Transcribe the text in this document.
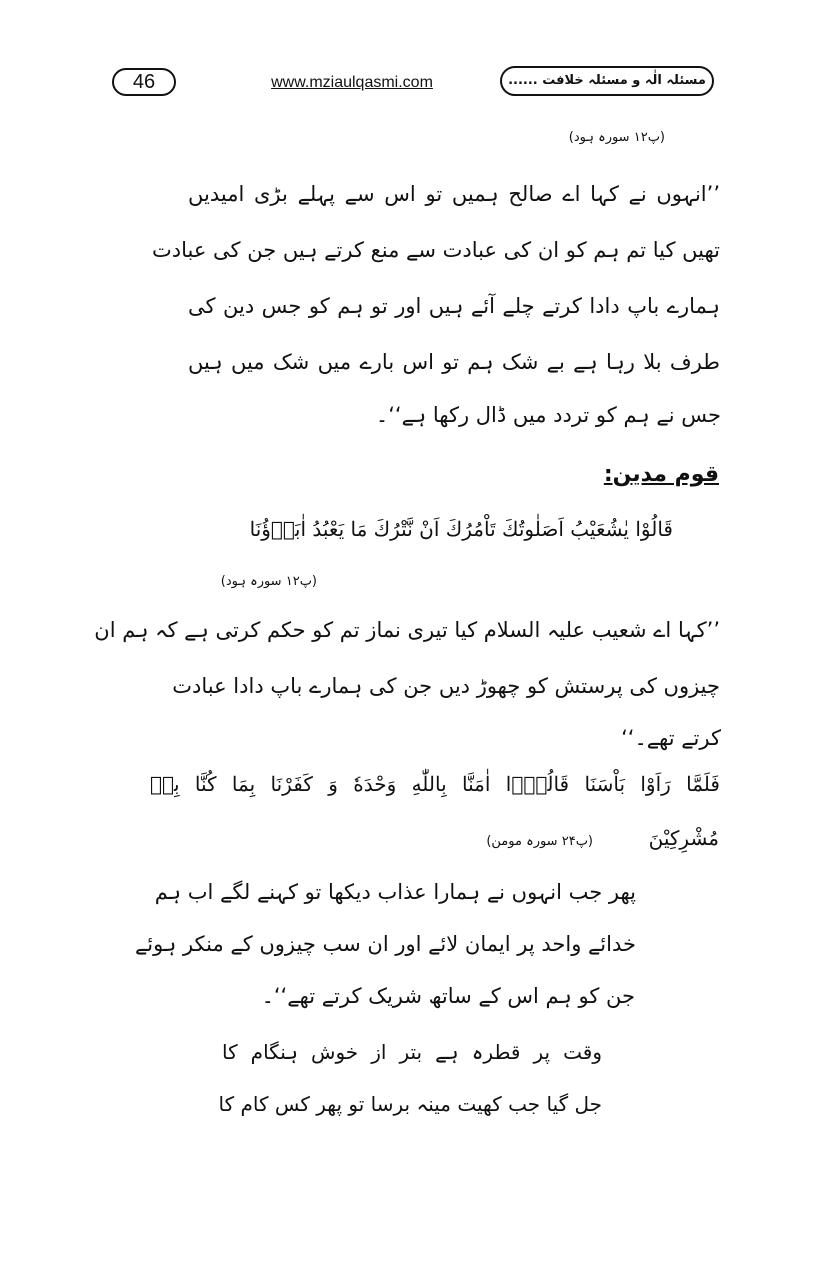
46	www.mziaulqasmi.com	مسئلہ الٰہ و مسئلہ خلافت ......
(پ۱۲ سورہ ہود)
’’انہوں نے کہا اے صالح ہمیں تو اس سے پہلے بڑی امیدیں
تھیں کیا تم ہم کو ان کی عبادت سے منع کرتے ہیں جن کی عبادت
ہمارے باپ دادا کرتے چلے آئے ہیں اور تو ہم کو جس دین کی
طرف بلا رہا ہے بے شک ہم تو اس بارے میں شک میں ہیں
جس نے ہم کو تردد میں ڈال رکھا ہے‘‘۔
قوم مدین:
قَالُوْا يٰشُعَيْبُ اَصَلٰوتُكَ تَاْمُرُكَ اَنْ نَّتْرُكَ مَا يَعْبُدُ اٰبَاۤؤُنَا
(پ۱۲ سورہ ہود)
’’کہا اے شعیب علیہ السلام کیا تیری نماز تم کو حکم کرتی ہے کہ ہم ان
چیزوں کی پرستش کو چھوڑ دیں جن کی ہمارے باپ دادا عبادت
کرتے تھے۔‘‘
فَلَمَّا رَاَوْا بَاْسَنَا قَالُوْۤا اٰمَنَّا بِاللّٰهِ وَحْدَهٗ وَ كَفَرْنَا بِمَا كُنَّا بِهٖ
مُشْرِكِيْنَ
(پ۲۴ سورہ مومن)
پھر جب انہوں نے ہمارا عذاب دیکھا تو کہنے لگے اب ہم
خدائے واحد پر ایمان لائے اور ان سب چیزوں کے منکر ہوئے
جن کو ہم اس کے ساتھ شریک کرتے تھے‘‘۔
وقت پر قطرہ ہے بتر از خوش ہنگام کا
جل گیا جب کھیت مینہ برسا تو پھر کس کام کا
